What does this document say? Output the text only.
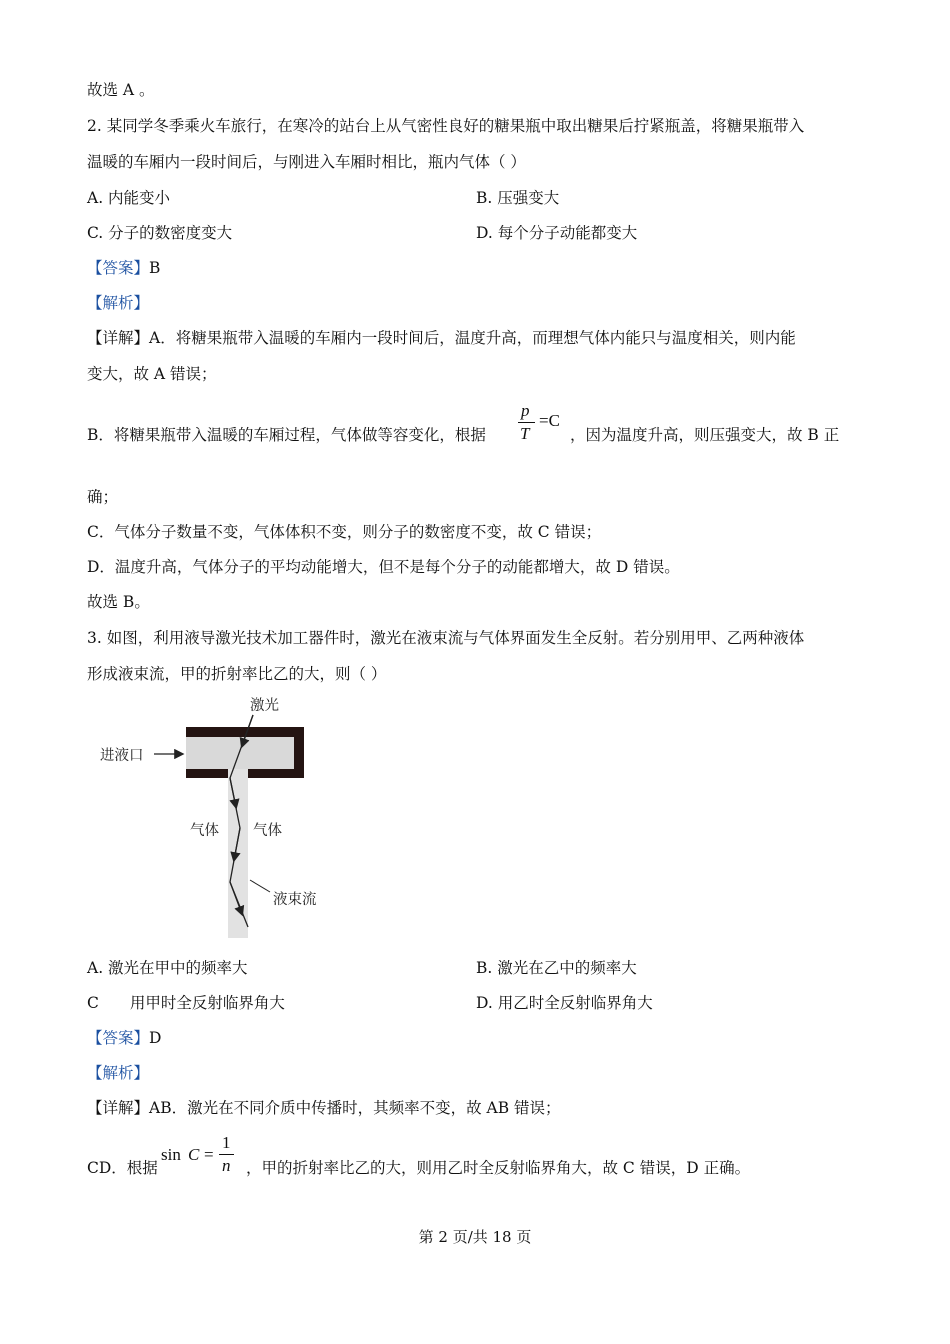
故选 A 。
2. 某同学冬季乘火车旅行，在寒冷的站台上从气密性良好的糖果瓶中取出糖果后拧紧瓶盖，将糖果瓶带入
温暖的车厢内一段时间后，与刚进入车厢时相比，瓶内气体（ ）
A. 内能变小	B. 压强变大
C. 分子的数密度变大	D. 每个分子动能都变大
【答案】B
【解析】
【详解】A．将糖果瓶带入温暖的车厢内一段时间后，温度升高，而理想气体内能只与温度相关，则内能
变大，故 A 错误；
B．将糖果瓶带入温暖的车厢过程，气体做等容变化，根据
p
T
=C
，因为温度升高，则压强变大，故 B 正
确；
C．气体分子数量不变，气体体积不变，则分子的数密度不变，故 C 错误；
D．温度升高，气体分子的平均动能增大，但不是每个分子的动能都增大，故 D 错误。
故选 B。
3. 如图，利用液导激光技术加工器件时，激光在液束流与气体界面发生全反射。若分别用甲、乙两种液体
形成液束流，甲的折射率比乙的大，则（ ）
激光
进液口
气体 气体
液束流
A. 激光在甲中的频率大	B. 激光在乙中的频率大
C　　用甲时全反射临界角大	D. 用乙时全反射临界角大
【答案】D
【解析】
【详解】AB．激光在不同介质中传播时，其频率不变，故 AB 错误；
CD．根据
sin C =
1
n ，甲的折射率比乙的大，则用乙时全反射临界角大，故 C 错误，D 正确。
第 2 页/共 18 页
